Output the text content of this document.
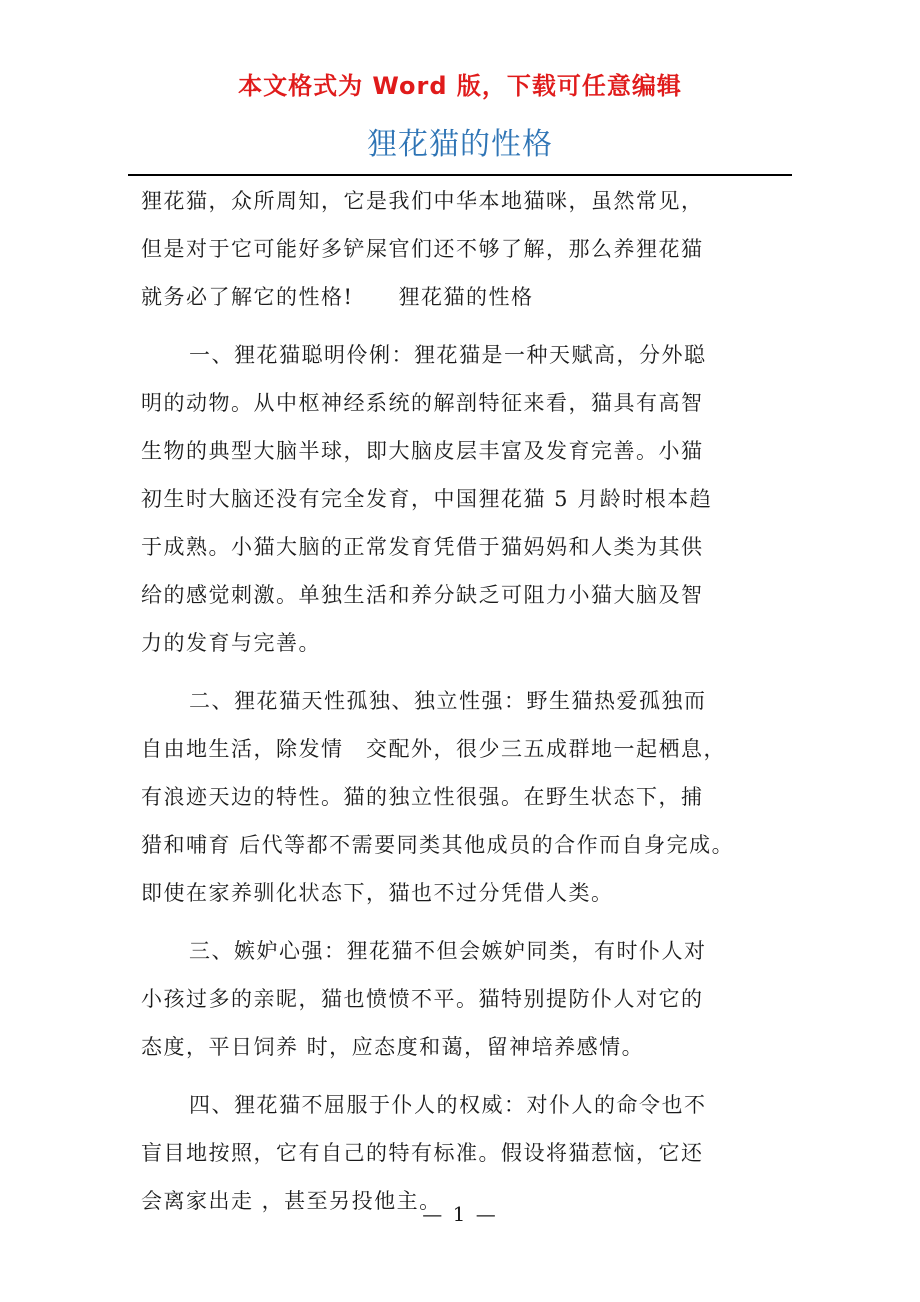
本文格式为 Word 版，下载可任意编辑
狸花猫的性格
狸花猫，众所周知，它是我们中华本地猫咪，虽然常见，
但是对于它可能好多铲屎官们还不够了解，那么养狸花猫
就务必了解它的性格!　　狸花猫的性格
一、狸花猫聪明伶俐：狸花猫是一种天赋高，分外聪
明的动物。从中枢神经系统的解剖特征来看，猫具有高智
生物的典型大脑半球，即大脑皮层丰富及发育完善。小猫
初生时大脑还没有完全发育，中国狸花猫 5 月龄时根本趋
于成熟。小猫大脑的正常发育凭借于猫妈妈和人类为其供
给的感觉刺激。单独生活和养分缺乏可阻力小猫大脑及智
力的发育与完善。
二、狸花猫天性孤独、独立性强：野生猫热爱孤独而
自由地生活，除发情　交配外，很少三五成群地一起栖息，
有浪迹天边的特性。猫的独立性很强。在野生状态下，捕
猎和哺育 后代等都不需要同类其他成员的合作而自身完成。
即使在家养驯化状态下，猫也不过分凭借人类。
三、嫉妒心强：狸花猫不但会嫉妒同类，有时仆人对
小孩过多的亲昵，猫也愤愤不平。猫特别提防仆人对它的
态度，平日饲养 时，应态度和蔼，留神培养感情。
四、狸花猫不屈服于仆人的权威：对仆人的命令也不
盲目地按照，它有自己的特有标准。假设将猫惹恼，它还
会离家出走 ，甚至另投他主。
— 1 —
